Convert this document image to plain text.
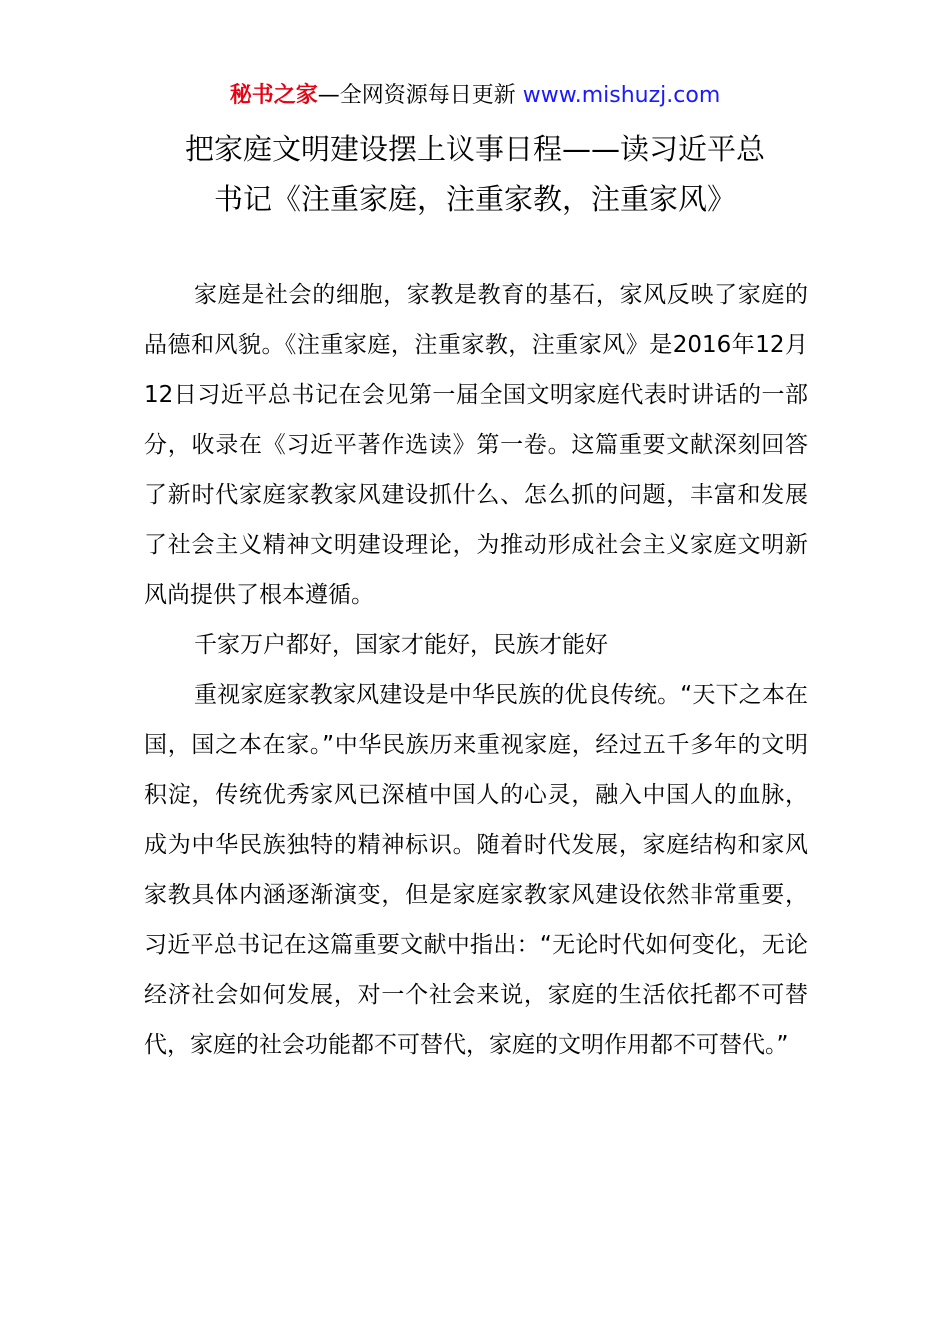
秘书之家—全网资源每日更新 www.mishuzj.com
把家庭文明建设摆上议事日程——读习近平总
书记《注重家庭，注重家教，注重家风》

家庭是社会的细胞，家教是教育的基石，家风反映了家庭的品德和风貌。《注重家庭，注重家教，注重家风》是2016年12月12日习近平总书记在会见第一届全国文明家庭代表时讲话的一部分，收录在《习近平著作选读》第一卷。这篇重要文献深刻回答了新时代家庭家教家风建设抓什么、怎么抓的问题，丰富和发展了社会主义精神文明建设理论，为推动形成社会主义家庭文明新风尚提供了根本遵循。

千家万户都好，国家才能好，民族才能好

重视家庭家教家风建设是中华民族的优良传统。“天下之本在国，国之本在家。”中华民族历来重视家庭，经过五千多年的文明积淀，传统优秀家风已深植中国人的心灵，融入中国人的血脉，成为中华民族独特的精神标识。随着时代发展，家庭结构和家风家教具体内涵逐渐演变，但是家庭家教家风建设依然非常重要，习近平总书记在这篇重要文献中指出：“无论时代如何变化，无论经济社会如何发展，对一个社会来说，家庭的生活依托都不可替代，家庭的社会功能都不可替代，家庭的文明作用都不可替代。”
